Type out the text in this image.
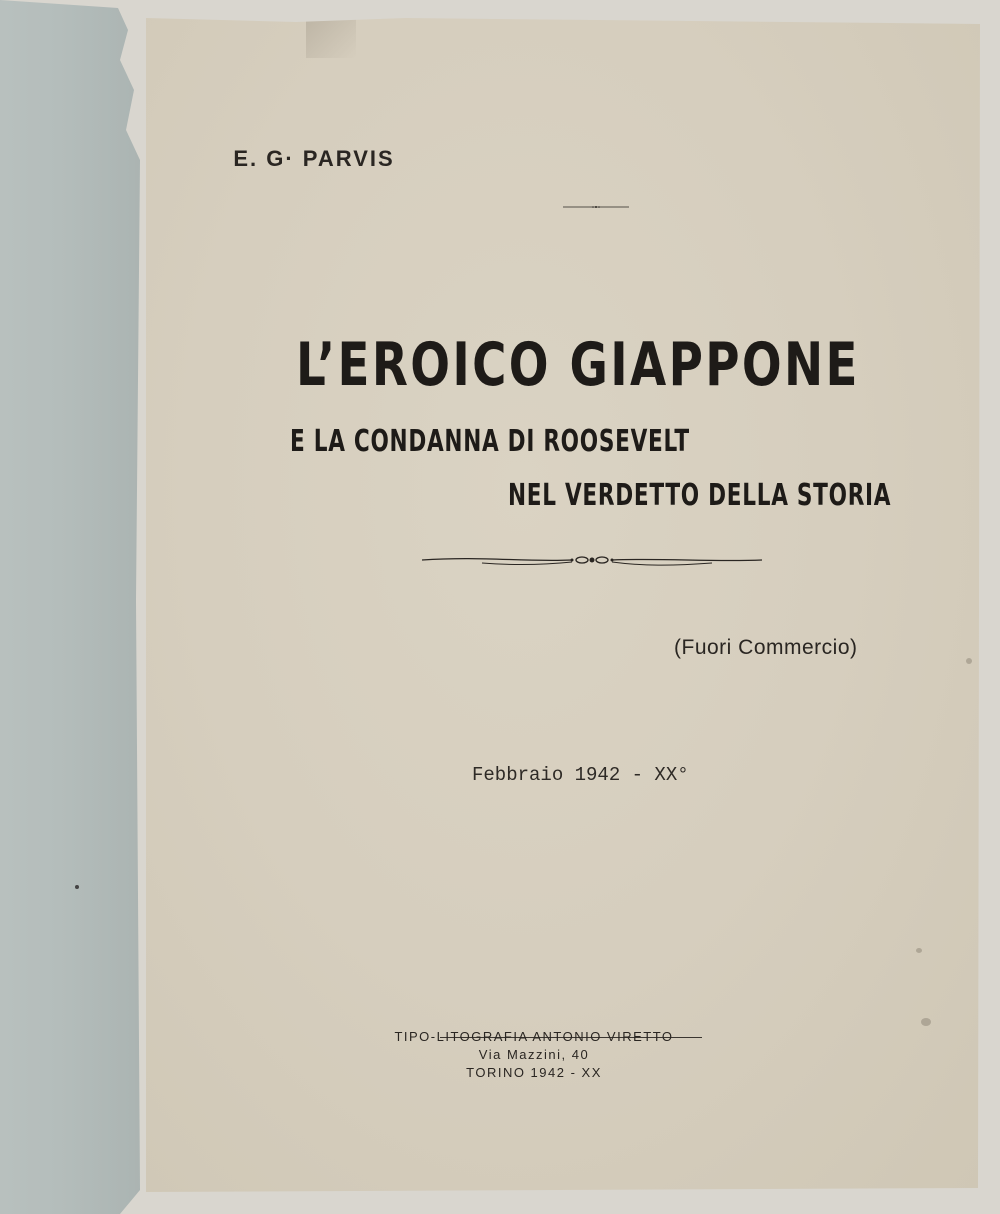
E. G· PARVIS
L’EROICO GIAPPONE
E LA CONDANNA DI ROOSEVELT
NEL VERDETTO DELLA STORIA
(Fuori Commercio)
Febbraio 1942 - XX°
TIPO-LITOGRAFIA ANTONIO VIRETTO
Via Mazzini, 40
TORINO 1942 - XX
